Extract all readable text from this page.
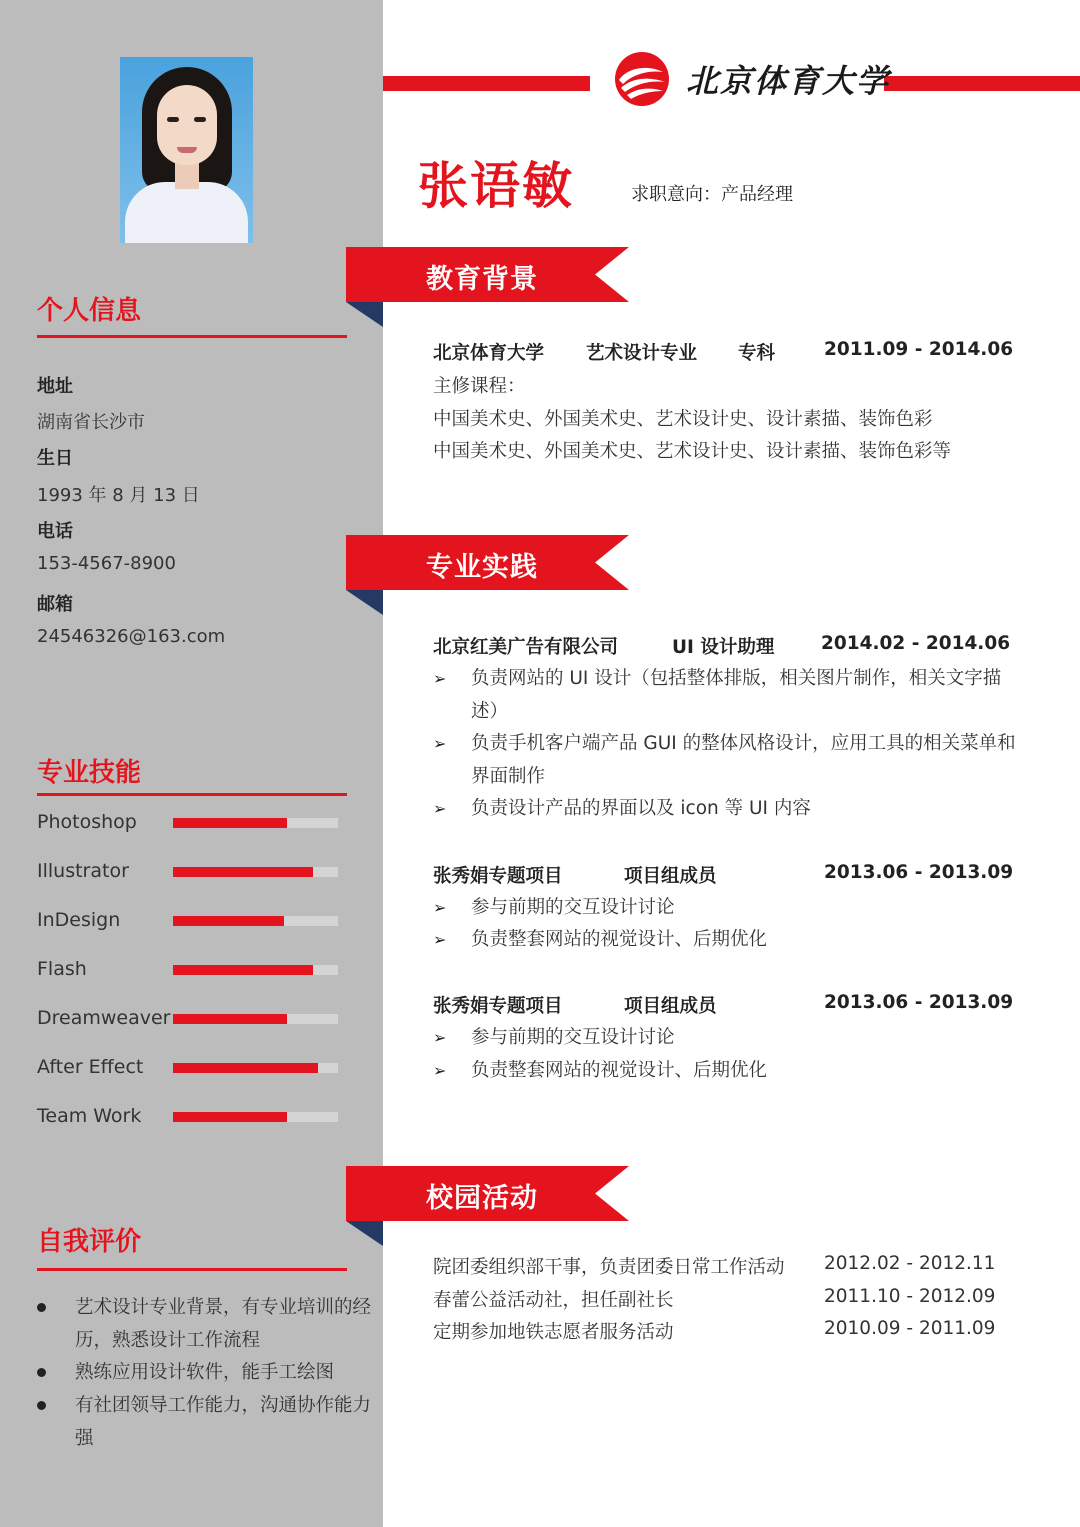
个人信息
地址
湖南省长沙市
生日
1993 年 8 月 13 日
电话
153-4567-8900
邮箱
24546326@163.com
专业技能
Photoshop
Illustrator
InDesign
Flash
Dreamweaver
After Effect
Team Work
自我评价
艺术设计专业背景，有专业培训的经历，熟悉设计工作流程
熟练应用设计软件，能手工绘图
有社团领导工作能力，沟通协作能力强
北京体育大学
张语敏	求职意向：产品经理
教育背景
北京体育大学 艺术设计专业 专科	2011.09 - 2014.06
主修课程：
中国美术史、外国美术史、艺术设计史、设计素描、装饰色彩
中国美术史、外国美术史、艺术设计史、设计素描、装饰色彩等
专业实践
北京红美广告有限公司	UI 设计助理	2014.02 - 2014.06
➢	负责网站的 UI 设计（包括整体排版，相关图片制作，相关文字描述）
➢	负责手机客户端产品 GUI 的整体风格设计，应用工具的相关菜单和界面制作
➢	负责设计产品的界面以及 icon 等 UI 内容
张秀娟专题项目	项目组成员	2013.06 - 2013.09
➢	参与前期的交互设计讨论
➢	负责整套网站的视觉设计、后期优化
张秀娟专题项目	项目组成员	2013.06 - 2013.09
➢	参与前期的交互设计讨论
➢	负责整套网站的视觉设计、后期优化
校园活动
院团委组织部干事，负责团委日常工作活动 2012.02 - 2012.11
春蕾公益活动社，担任副社长	2011.10 - 2012.09
定期参加地铁志愿者服务活动	2010.09 - 2011.09
